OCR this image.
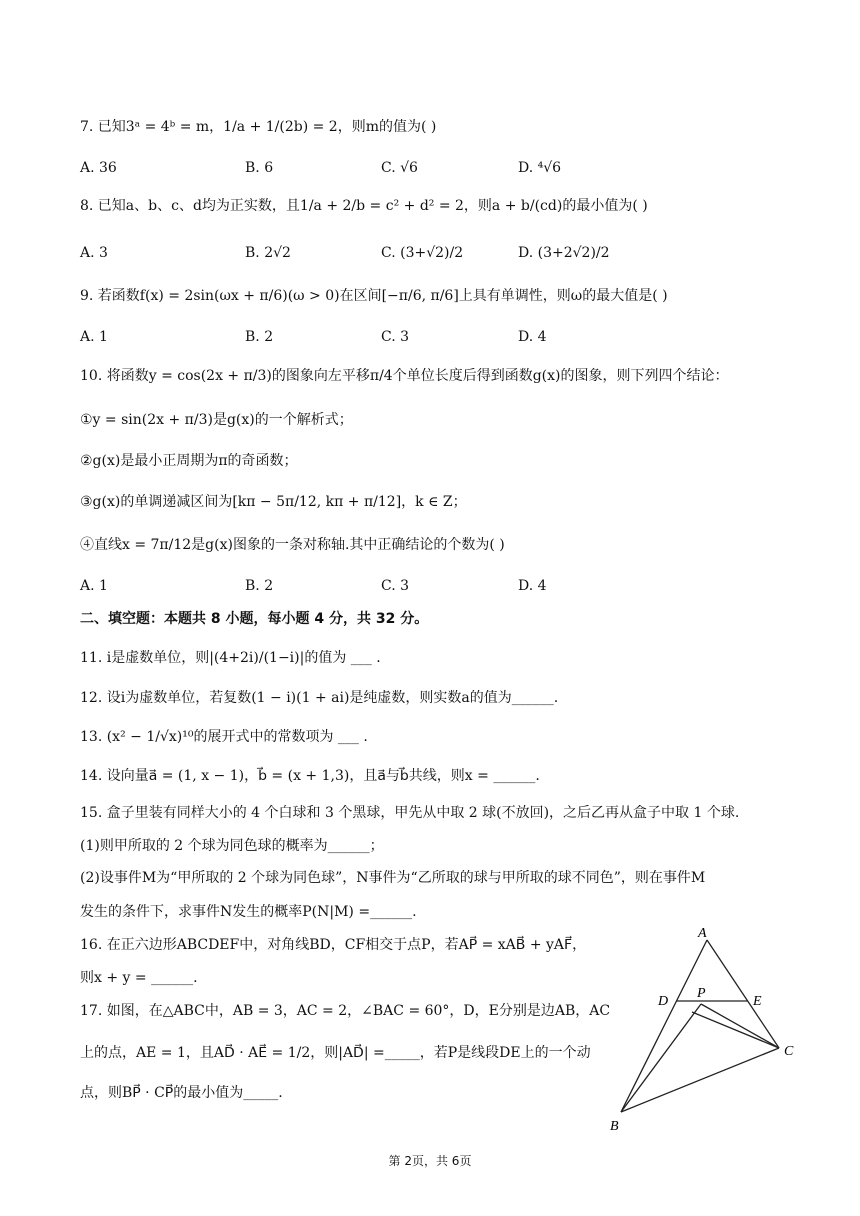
7. 已知3ᵃ = 4ᵇ = m，1/a + 1/(2b) = 2，则m的值为( )
A. 36	B. 6	C. √6	D. ⁴√6
8. 已知a、b、c、d均为正实数，且1/a + 2/b = c² + d² = 2，则a + b/(cd)的最小值为( )
A. 3	B. 2√2	C. (3+√2)/2	D. (3+2√2)/2
9. 若函数f(x) = 2sin(ωx + π/6)(ω > 0)在区间[−π/6, π/6]上具有单调性，则ω的最大值是( )
A. 1	B. 2	C. 3	D. 4
10. 将函数y = cos(2x + π/3)的图象向左平移π/4个单位长度后得到函数g(x)的图象，则下列四个结论：
①y = sin(2x + π/3)是g(x)的一个解析式；
②g(x)是最小正周期为π的奇函数；
③g(x)的单调递减区间为[kπ − 5π/12, kπ + π/12]，k ∈ Z；
④直线x = 7π/12是g(x)图象的一条对称轴.其中正确结论的个数为( )
A. 1	B. 2	C. 3	D. 4
二、填空题：本题共 8 小题，每小题 4 分，共 32 分。
11. i是虚数单位，则|(4+2i)/(1−i)|的值为 ___ .
12. 设i为虚数单位，若复数(1 − i)(1 + ai)是纯虚数，则实数a的值为______.
13. (x² − 1/√x)¹⁰的展开式中的常数项为 ___ .
14. 设向量a⃗ = (1, x − 1)，b⃗ = (x + 1,3)，且a⃗与b⃗共线，则x = ______.
15. 盒子里装有同样大小的 4 个白球和 3 个黑球，甲先从中取 2 球(不放回)，之后乙再从盒子中取 1 个球.
(1)则甲所取的 2 个球为同色球的概率为______；
(2)设事件M为“甲所取的 2 个球为同色球”，N事件为“乙所取的球与甲所取的球不同色”，则在事件M
发生的条件下，求事件N发生的概率P(N|M) =______.
16. 在正六边形ABCDEF中，对角线BD，CF相交于点P，若AP⃗ = xAB⃗ + yAF⃗，
则x + y = ______.
17. 如图，在△ABC中，AB = 3，AC = 2，∠BAC = 60°，D，E分别是边AB，AC
上的点，AE = 1，且AD⃗ · AE⃗ = 1/2，则|AD⃗| =_____，若P是线段DE上的一个动
点，则BP⃗ · CP⃗的最小值为_____.
A
D
P
E
C
B
第 2页，共 6页
